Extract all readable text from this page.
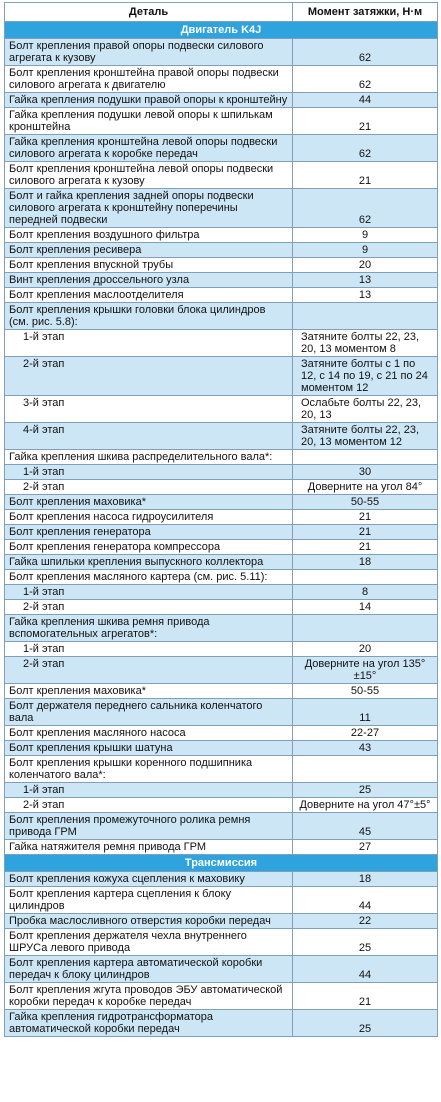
Деталь	Момент затяжки, Н·м
Двигатель K4J	
Болт крепления правой опоры подвески силового агрегата к кузову	62
Болт крепления кронштейна правой опоры подвески силового агрегата к двигателю	62
Гайка крепления подушки правой опоры к кронштейну	44
Гайка крепления подушки левой опоры к шпилькам кронштейна	21
Гайка крепления кронштейна левой опоры подвески силового агрегата к коробке передач	62
Болт крепления кронштейна левой опоры подвески силового агрегата к кузову	21
Болт и гайка крепления задней опоры подвески силового агрегата к кронштейну поперечины передней подвески	62
Болт крепления воздушного фильтра	9
Болт крепления ресивера	9
Болт крепления впускной трубы	20
Винт крепления дроссельного узла	13
Болт крепления маслоотделителя	13
Болт крепления крышки головки блока цилиндров (см. рис. 5.8):	
1-й этап	Затяните болты 22, 23, 20, 13 моментом 8
2-й этап	Затяните болты с 1 по 12, с 14 по 19, с 21 по 24 моментом 12
3-й этап	Ослабьте болты 22, 23, 20, 13
4-й этап	Затяните болты 22, 23, 20, 13 моментом 12
Гайка крепления шкива распределительного вала*:	
1-й этап	30
2-й этап	Доверните на угол 84°
Болт крепления маховика*	50-55
Болт крепления насоса гидроусилителя	21
Болт крепления генератора	21
Болт крепления генератора компрессора	21
Гайка шпильки крепления выпускного коллектора	18
Болт крепления масляного картера (см. рис. 5.11):	
1-й этап	8
2-й этап	14
Гайка крепления шкива ремня привода вспомогательных агрегатов*:	
1-й этап	20
2-й этап	Доверните на угол 135°±15°
Болт крепления маховика*	50-55
Болт держателя переднего сальника коленчатого вала	11
Болт крепления масляного насоса	22-27
Болт крепления крышки шатуна	43
Болт крепления крышки коренного подшипника коленчатого вала*:	
1-й этап	25
2-й этап	Доверните на угол 47°±5°
Болт крепления промежуточного ролика ремня привода ГРМ	45
Гайка натяжителя ремня привода ГРМ	27
Трансмиссия	
Болт крепления кожуха сцепления к маховику	18
Болт крепления картера сцепления к блоку цилиндров	44
Пробка маслосливного отверстия коробки передач	22
Болт крепления держателя чехла внутреннего ШРУСа левого привода	25
Болт крепления картера автоматической коробки передач к блоку цилиндров	44
Болт крепления жгута проводов ЭБУ автоматической коробки передач к коробке передач	21
Гайка крепления гидротрансформатора автоматической коробки передач	25
